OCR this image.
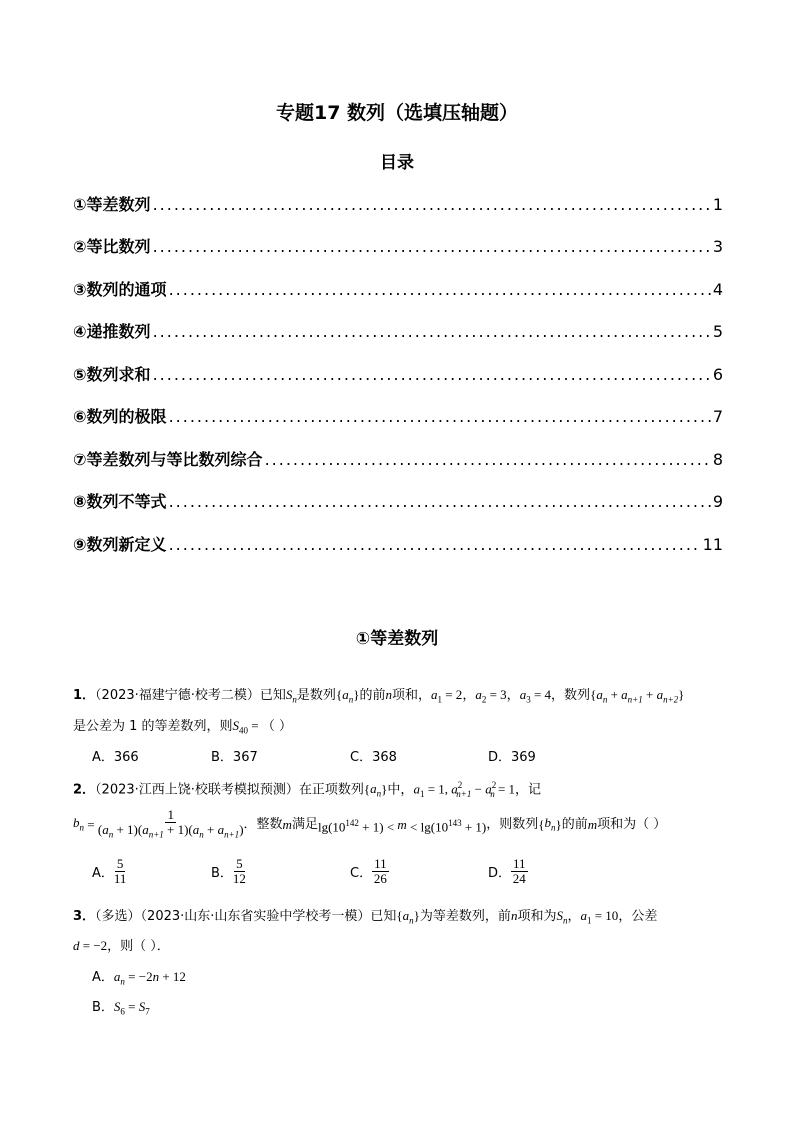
专题17 数列（选填压轴题）
目录
①等差数列 .....	1
②等比数列 .....	3
③数列的通项 .....	4
④递推数列 .....	5
⑤数列求和 .....	6
⑥数列的极限 .....	7
⑦等差数列与等比数列综合 .....	8
⑧数列不等式 .....	9
⑨数列新定义 .....	11
①等差数列
1．（2023·福建宁德·校考二模）已知$S_n$是数列$\{a_n\}$的前n项和，$a_1 = 2$，$a_2 = 3$，$a_3 = 4$，数列$\{a_n + a_{n+1} + a_{n+2}\}$
是公差为 1 的等差数列，则$S_{40}$ = （ ）
A．366	B．367	C．368	D．369
2．（2023·江西上饶·校联考模拟预测）在正项数列$\{a_n\}$中，$a_1 = 1$, $a^2_{n+1} - a^2_n = 1$，记
$b_n = \frac{1}{(a_n + 1)(a_{n+1} + 1)(a_n + a_{n+1})}$ ．整数 m 满足 $\lg(10^{142} + 1) < m < \lg(10^{143} + 1)$ ，则数列 { $b_n$ } 的前 m 项和为（ ）
A． $\frac{5}{11}$	B． $\frac{5}{12}$	C． $\frac{11}{26}$	D． $\frac{11}{24}$
3．（多选）（2023·山东·山东省实验中学校考一模）已知$\{a_n\}$为等差数列，前n项和为$S_n$，$a_1 = 10$，公差
d = −2，则（ ）．
A．$a_n = -2n + 12$
B．$S_6 = S_7$
